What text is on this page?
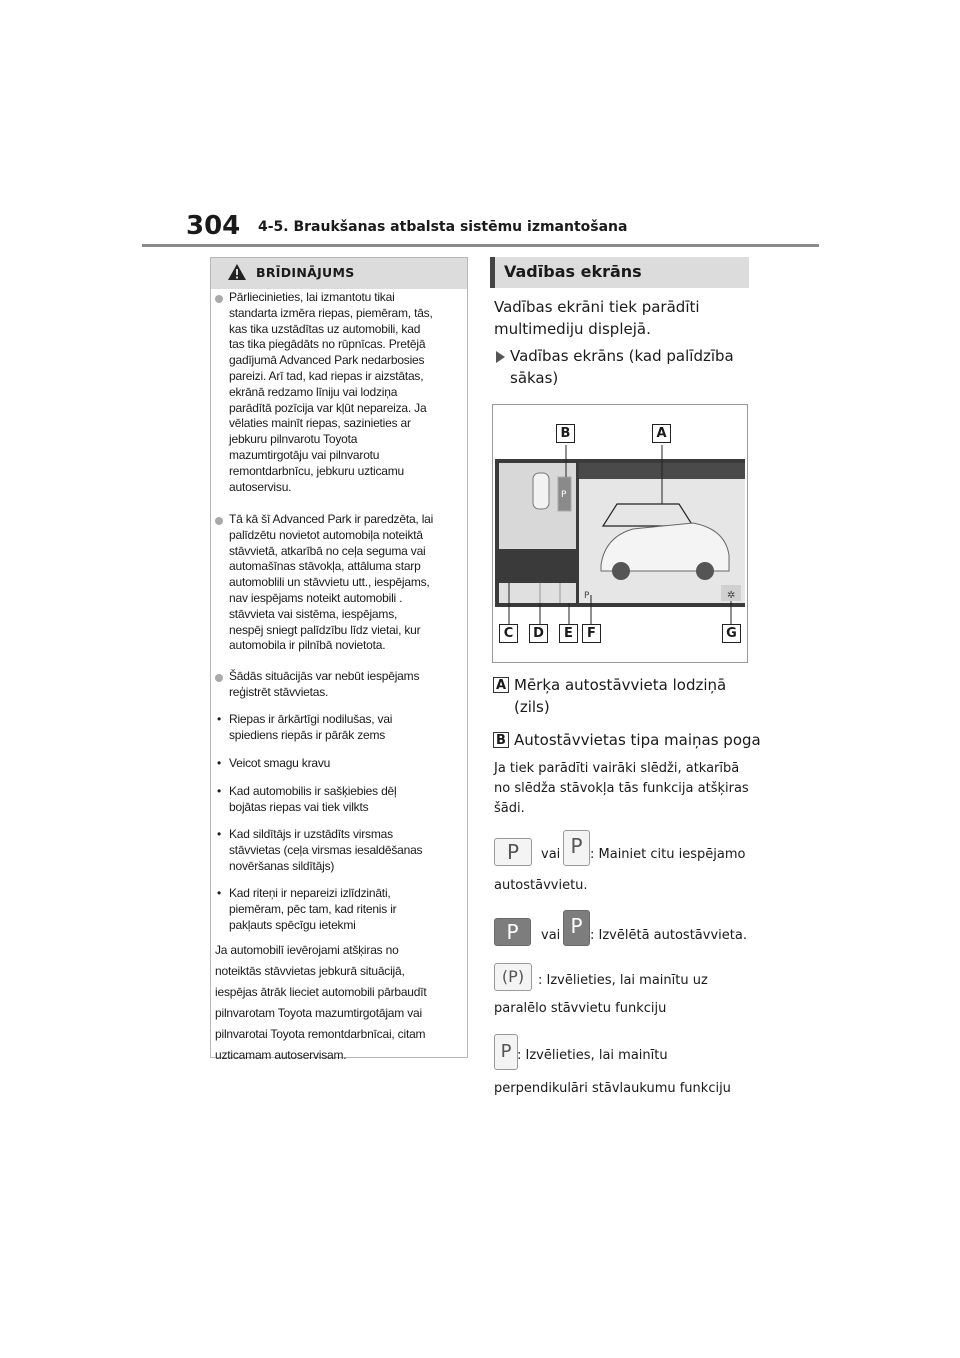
304 4-5. Braukšanas atbalsta sistēmu izmantošana
BRĪDINĀJUMS
Pārliecinieties, lai izmantotu tikai
standarta izmēra riepas, piemēram, tās,
kas tika uzstādītas uz automobili, kad
tas tika piegādāts no rūpnīcas. Pretējā
gadījumā Advanced Park nedarbosies
pareizi. Arī tad, kad riepas ir aizstātas,
ekrānā redzamo līniju vai lodziņa
parādītā pozīcija var kļūt nepareiza. Ja
vēlaties mainīt riepas, sazinieties ar
jebkuru pilnvarotu Toyota
mazumtirgotāju vai pilnvarotu
remontdarbnīcu, jebkuru uzticamu
autoservisu.
Tā kā šī Advanced Park ir paredzēta, lai
palīdzētu novietot automobiļa noteiktā
stāvvietā, atkarībā no ceļa seguma vai
automašīnas stāvokļa, attāluma starp
automoblili un stāvvietu utt., iespējams,
nav iespējams noteikt automobili .
stāvvieta vai sistēma, iespējams,
nespēj sniegt palīdzību līdz vietai, kur
automobila ir pilnībā novietota.
Šādās situācijās var nebūt iespējams
reģistrēt stāvvietas.
• Riepas ir ārkārtīgi nodilušas, vai
spiediens riepās ir pārāk zems
• Veicot smagu kravu
• Kad automobilis ir sašķiebies dēļ
bojātas riepas vai tiek vilkts
• Kad sildītājs ir uzstādīts virsmas
stāvvietas (ceļa virsmas iesaldēšanas
novēršanas sildītājs)
• Kad riteņi ir nepareizi izlīdzināti,
piemēram, pēc tam, kad ritenis ir
pakļauts spēcīgu ietekmi
Ja automobilī ievērojami atšķiras no
noteiktās stāvvietas jebkurā situācijā,
iespējas ātrāk lieciet automobili pārbaudīt
pilnvarotam Toyota mazumtirgotājam vai
pilnvarotai Toyota remontdarbnīcai, citam
uzticamam autoservisam.
Vadības ekrāns
Vadības ekrāni tiek parādīti
multimediju displejā.
Vadības ekrāns (kad palīdzība
sākas)
P
✲
P
B	A
C	D	E	F	G
A Mērķa autostāvvieta lodziņā
(zils)
B Autostāvvietas tipa maiņas poga
Ja tiek parādīti vairāki slēdži, atkarībā
no slēdža stāvokļa tās funkcija atšķiras
šādi.
P	vai P : Mainiet citu iespējamo
autostāvvietu.
P	vai P : Izvēlētā autostāvvieta.
(P)	: Izvēlieties, lai mainītu uz
paralēlo stāvvietu funkciju
P : Izvēlieties, lai mainītu
perpendikulāri stāvlaukumu funkciju
